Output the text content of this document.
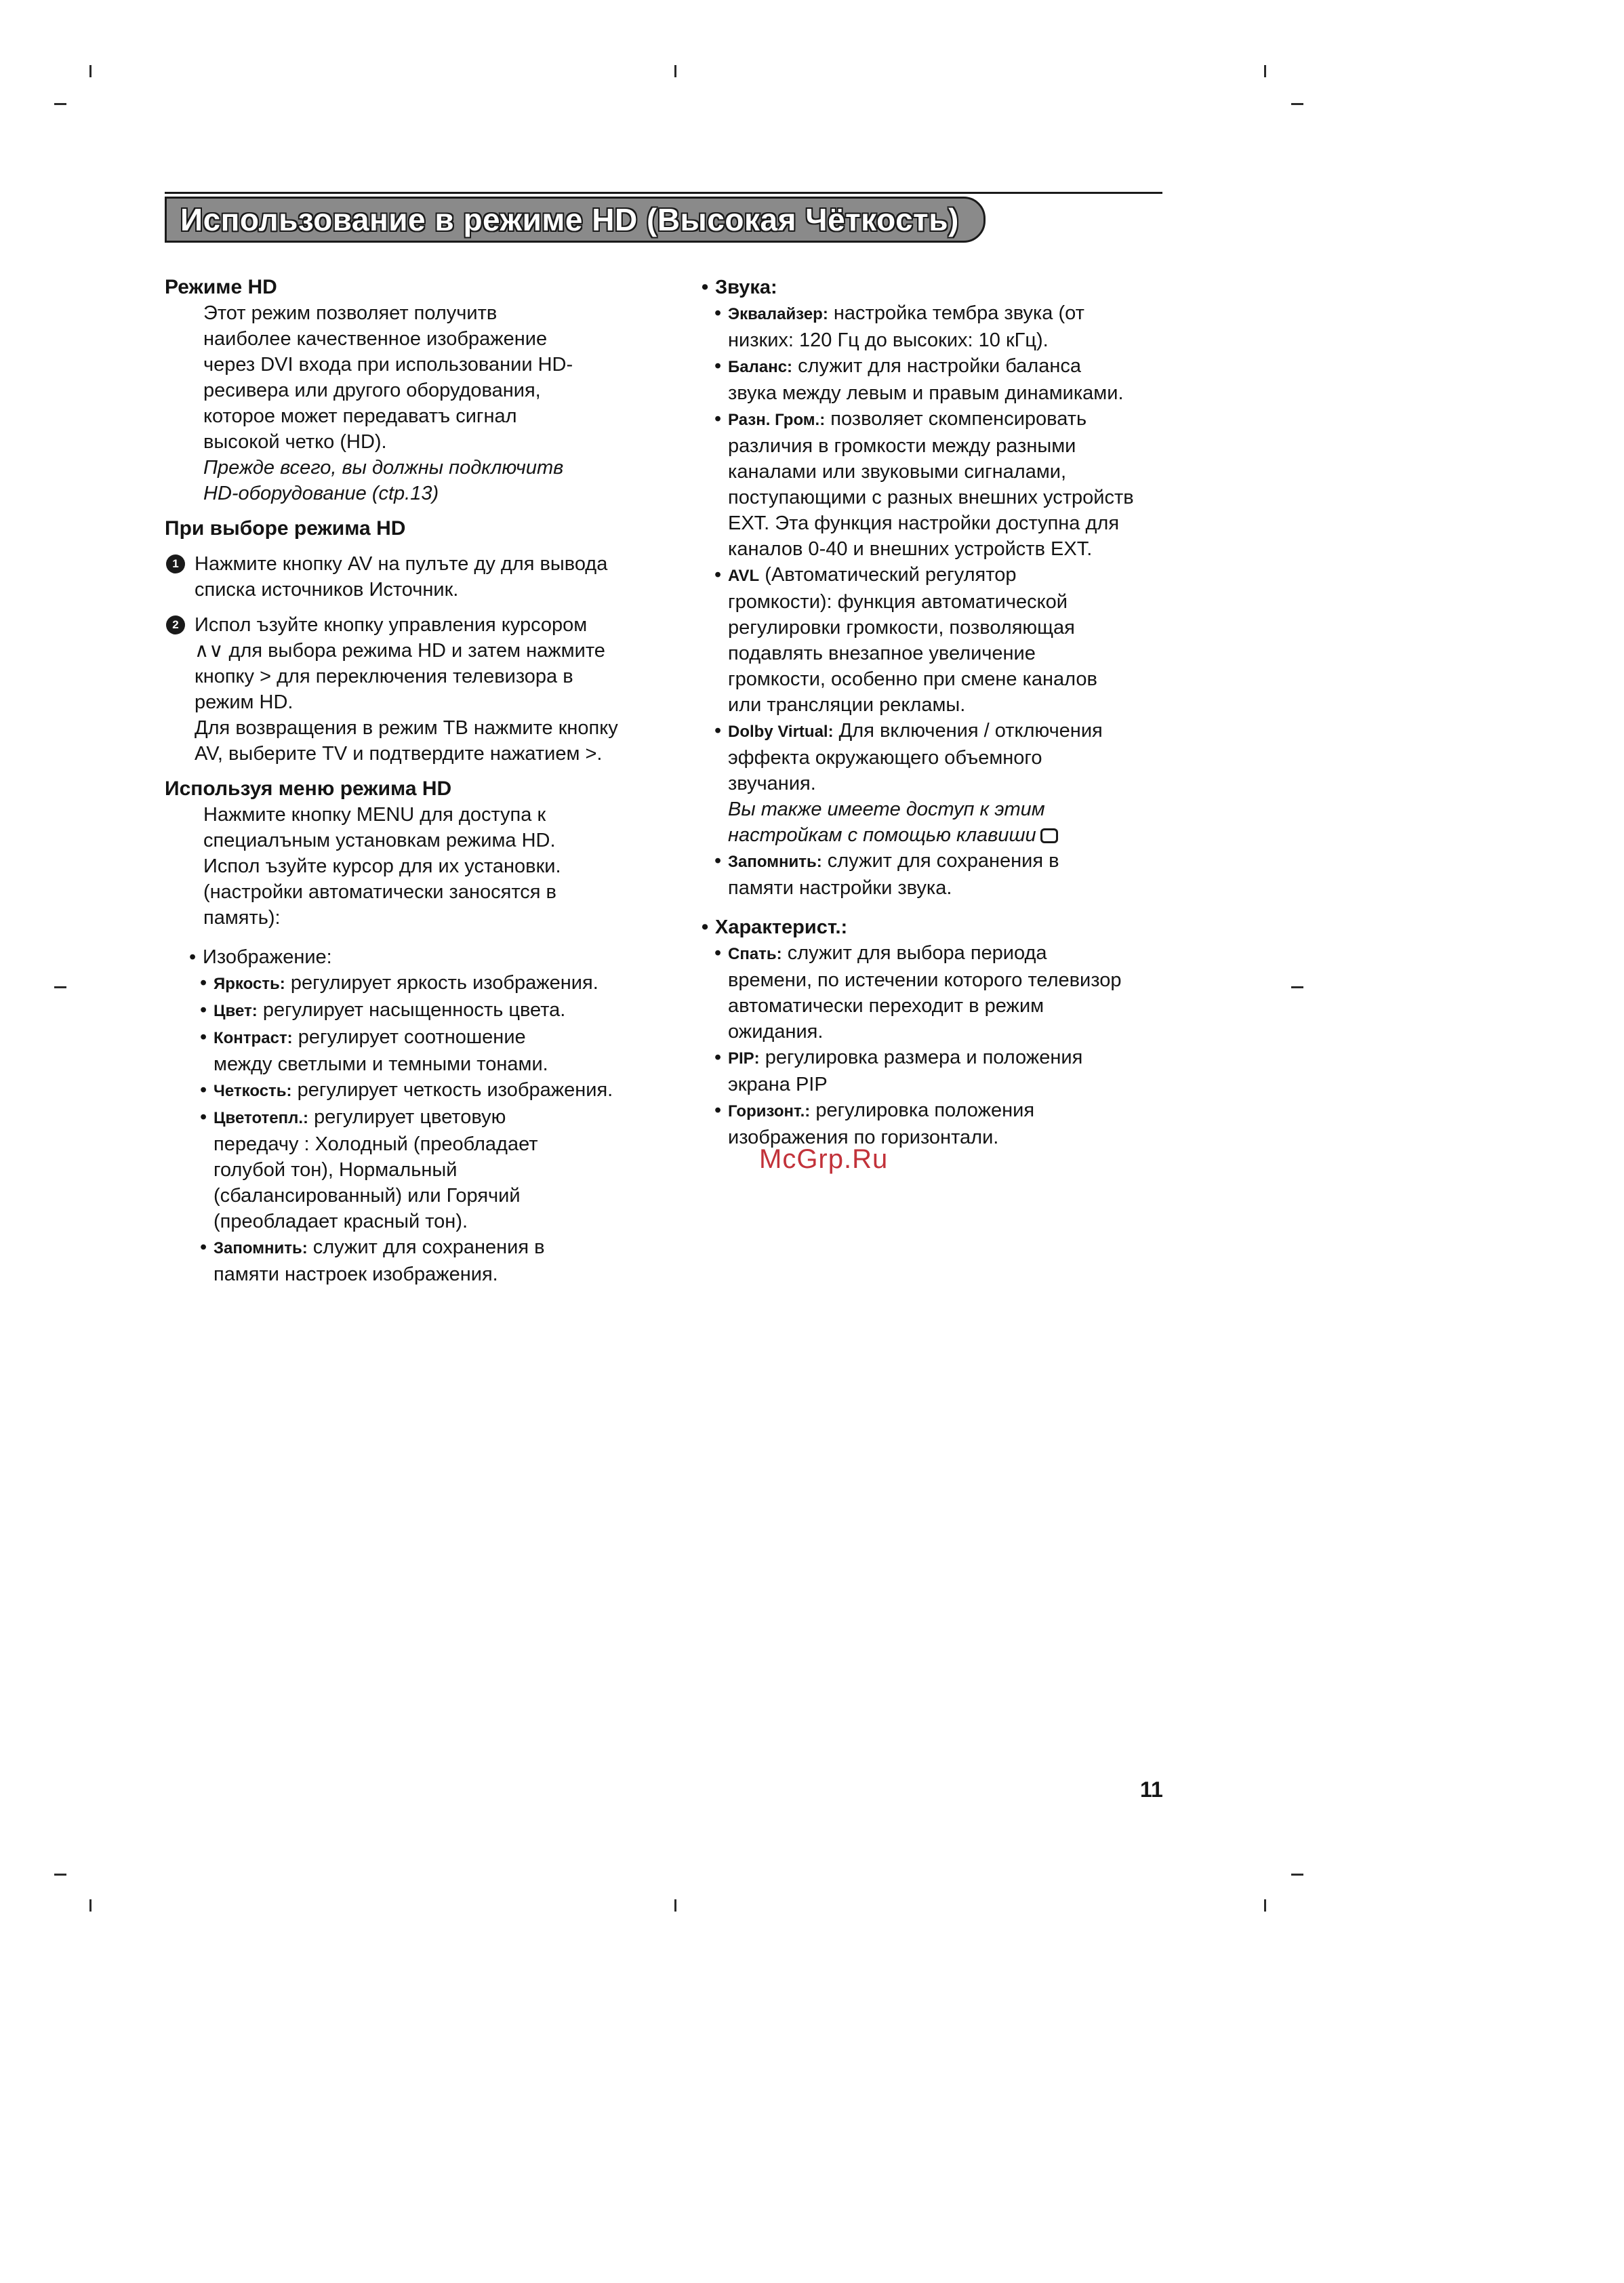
Использование в режиме HD (Высокая Чёткость)

Режиме HD

Этот режим позволяет получитв
наиболее качественное изображение
через DVI входа при использовании HD-
ресивера или другого оборудования,
которое может передаватъ сигнал
высокой четко (HD).
Прежде всего, вы должны подключитв
HD-оборудование (ctp.13)

При выборе режима HD

1 Нажмите кнопку AV на пулъте ду для вывода
списка источников Источник.
2 Испол ъзуйте кнопку управления курсором
∧∨ для выбора режима HD и затем нажмите
кнопку > для переключения телевизора в
режим HD.
Для возвращения в режим TB нажмите кнопку
AV, выберите TV и подтвердите нажатием >.

Используя меню режима HD

Нажмите кнопку MENU для доступа к
специалъным установкам режима HD.
Испол ъзуйте курсор для их установки.
(настройки автоматически заносятся в
память):
• Изображение:
• Яркость: регулирует яркость изображения.
• Цвет: регулирует насыщенность цвета.
• Контраст: регулирует соотношение
между светлыми и темными тонами.
• Четкость: регулирует четкость изображения.
• Цветотепл.: регулирует цветовую
передачу : Холодный (преобладает
голубой тон), Нормальный
(сбалансированный) или Горячий
(преобладает красный тон).
• Запомнить: служит для сохранения в
памяти настроек изображения.
• Звука:
• Эквалайзер: настройка тембра звука (от
низких: 120 Гц до высоких: 10 кГц).
• Баланс: служит для настройки баланса
звука между левым и правым динамиками.
• Разн. Гром.: позволяет скомпенсировать
различия в громкости между разными
каналами или звуковыми сигналами,
поступающими с разных внешних устройств
EXT. Эта функция настройки доступна для
каналов 0-40 и внешних устройств EXT.
• AVL (Автоматический регулятор
громкости): функция автоматической
регулировки громкости, позволяющая
подавлять внезапное увеличение
громкости, особенно при смене каналов
или трансляции рекламы.
• Dolby Virtual: Для включения / отключения
эффекта окружающего объемного
звучания.
Вы также имеете доступ к этим
настройкам с помощью клавиши
• Запомнить: служит для сохранения в
памяти настройки звука.
• Характерист.:
• Спать: служит для выбора периода
времени, по истечении которого телевизор
автоматически переходит в режим
ожидания.
• PIP: регулировка размера и положения
экрана PIP
• Горизонт.: регулировка положения
изображения по горизонтали.
McGrp.Ru
11
